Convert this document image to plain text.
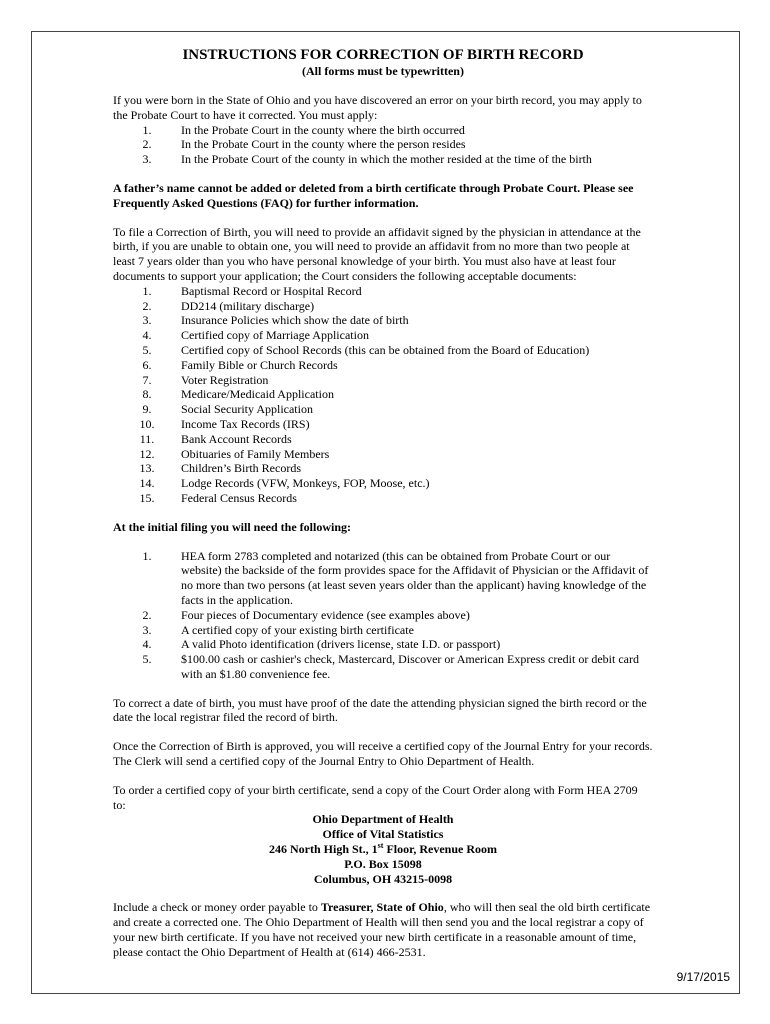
INSTRUCTIONS FOR CORRECTION OF BIRTH RECORD

(All forms must be typewritten)

If you were born in the State of Ohio and you have discovered an error on your birth record, you may apply to the Probate Court to have it corrected. You must apply:

1.	In the Probate Court in the county where the birth occurred
2.	In the Probate Court in the county where the person resides
3.	In the Probate Court of the county in which the mother resided at the time of the birth

A father’s name cannot be added or deleted from a birth certificate through Probate Court. Please see Frequently Asked Questions (FAQ) for further information.

To file a Correction of Birth, you will need to provide an affidavit signed by the physician in attendance at the birth, if you are unable to obtain one, you will need to provide an affidavit from no more than two people at least 7 years older than you who have personal knowledge of your birth. You must also have at least four documents to support your application; the Court considers the following acceptable documents:

1.	Baptismal Record or Hospital Record
2.	DD214 (military discharge)
3.	Insurance Policies which show the date of birth
4.	Certified copy of Marriage Application
5.	Certified copy of School Records (this can be obtained from the Board of Education)
6.	Family Bible or Church Records
7.	Voter Registration
8.	Medicare/Medicaid Application
9.	Social Security Application
10.	Income Tax Records (IRS)
11.	Bank Account Records
12.	Obituaries of Family Members
13.	Children’s Birth Records
14.	Lodge Records (VFW, Monkeys, FOP, Moose, etc.)
15.	Federal Census Records

At the initial filing you will need the following:

1.	HEA form 2783 completed and notarized (this can be obtained from Probate Court or our website) the backside of the form provides space for the Affidavit of Physician or the Affidavit of no more than two persons (at least seven years older than the applicant) having knowledge of the facts in the application.
2.	Four pieces of Documentary evidence (see examples above)
3.	A certified copy of your existing birth certificate
4.	A valid Photo identification (drivers license, state I.D. or passport)
5.	$100.00 cash or cashier's check, Mastercard, Discover or American Express credit or debit card with an $1.80 convenience fee.

To correct a date of birth, you must have proof of the date the attending physician signed the birth record or the date the local registrar filed the record of birth.

Once the Correction of Birth is approved, you will receive a certified copy of the Journal Entry for your records. The Clerk will send a certified copy of the Journal Entry to Ohio Department of Health.

To order a certified copy of your birth certificate, send a copy of the Court Order along with Form HEA 2709 to:

Ohio Department of Health
Office of Vital Statistics
246 North High St., 1st Floor, Revenue Room
P.O. Box 15098
Columbus, OH 43215-0098

Include a check or money order payable to Treasurer, State of Ohio, who will then seal the old birth certificate and create a corrected one. The Ohio Department of Health will then send you and the local registrar a copy of your new birth certificate. If you have not received your new birth certificate in a reasonable amount of time, please contact the Ohio Department of Health at (614) 466-2531.

9/17/2015
